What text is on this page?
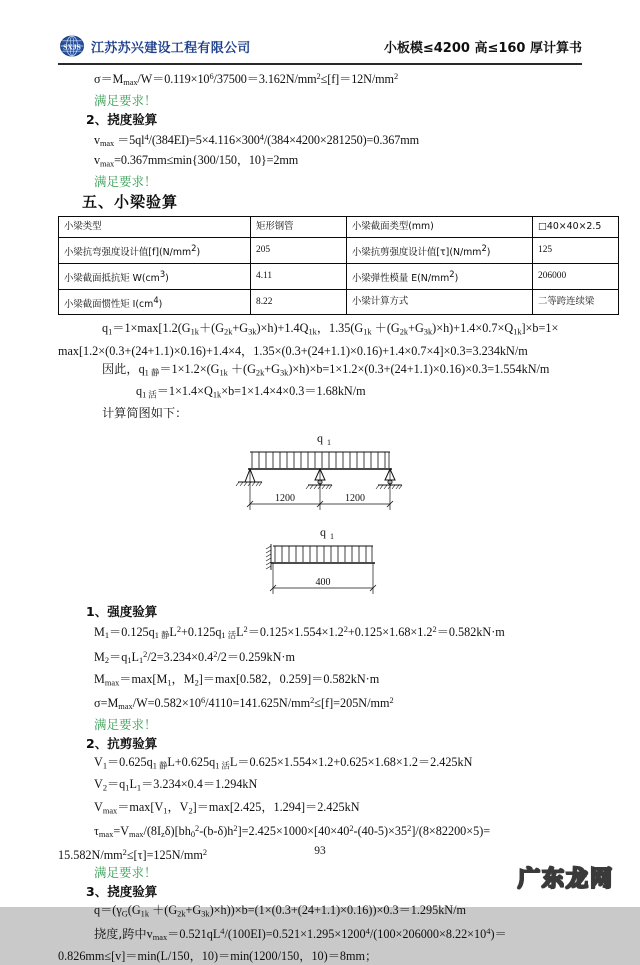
SXJS 江苏苏兴建设工程有限公司	小板模≤4200 高≤160 厚计算书
$\sigma=M_{max}/W=0.119\times 10^6/37500=3.162N/mm^2\le[f]=12N/mm^2$
满足要求！
2、挠度验算
$v_{max} =5ql^4/(384EI)=5\times 4.116\times 300^4/(384\times 4200\times 281250)=0.367mm$
$v_{max}=0.367mm\le\min\{300/150$，10}=2mm
满足要求！
五、小梁验算
小梁类型	矩形钢管	小梁截面类型(mm)	□40×40×2.5
小梁抗弯强度设计值$[f](N/mm^2)$	205	小梁抗剪强度设计值$[\tau](N/mm^2)$	125
小梁截面抵抗矩 $W(cm^3)$	4.11	小梁弹性模量 $E(N/mm^2)$	206000
小梁截面惯性矩 $I(cm^4)$	8.22	小梁计算方式	二等跨连续梁
$q_1=1\times\max[1.2(G_{1k}+(G_{2k}+G_{3k})\times h)+1.4Q_{1k}$，$1.35(G_{1k} +(G_{2k}+G_{3k})\times h)+1.4\times 0.7\times Q_{1k}]\times b=1\times$
max[1.2×(0.3+(24+1.1)×0.16)+1.4×4，1.35×(0.3+(24+1.1)×0.16)+1.4×0.7×4]×0.3=3.234kN/m
因此，$q_{1 静}=1\times 1.2\times(G_{1k} +(G_{2k}+G_{3k})\times h)\times b=1\times 1.2\times(0.3+(24+1.1)\times 0.16)\times 0.3=1.554kN/m$
$q_{1 活}=1\times 1.4\times Q_{1k}\times b=1\times 1.4\times 4\times 0.3=1.68kN/m$
计算简图如下：
q 1
1200	1200
q 1
400
1、强度验算
$M_1=0.125q_{1 静}L^2+0.125q_{1 活}L^2=0.125\times 1.554\times 1.2^2+0.125\times 1.68\times 1.2^2=0.582kN\cdot m$
$M_2=q_1L_1^2/2=3.234\times 0.4^2/2=0.259kN\cdot m$
$M_{max}=\max[M_1$，$M_2]=\max[0.582$，0.259]＝0.582kN·m
$\sigma=M_{max}/W=0.582\times 10^6/4110=141.625N/mm^2\le[f]=205N/mm^2$
满足要求！
2、抗剪验算
$V_1=0.625q_{1 静}L+0.625q_{1 活}L=0.625\times 1.554\times 1.2+0.625\times 1.68\times 1.2=2.425kN$
$V_2=q_1L_1=3.234\times 0.4=1.294kN$
$V_{max}=\max[V_1$，$V_2]=\max[2.425$，1.294]＝2.425kN
$\tau_{max}=V_{max}/(8I_z\delta)[bh_0^2-(b-\delta)h^2]=2.425\times 1000\times[40\times 40^2-(40-5)\times 35^2]/(8\times 82200\times 5)=$
$15.582N/mm^2\le[\tau]=125N/mm^2$
满足要求！
3、挠度验算
$q=(\gamma_G(G_{1k} +(G_{2k}+G_{3k})\times h))\times b=(1\times(0.3+(24+1.1)\times 0.16))\times 0.3=1.295kN/m$
挠度,跨中$v_{max}=0.521qL^4/(100EI)=0.521\times 1.295\times 1200^4/(100\times 206000\times 8.22\times 10^4)=$
0.826mm≤[v]＝min(L/150，10)＝min(1200/150，10)＝8mm；
93
广东龙网
